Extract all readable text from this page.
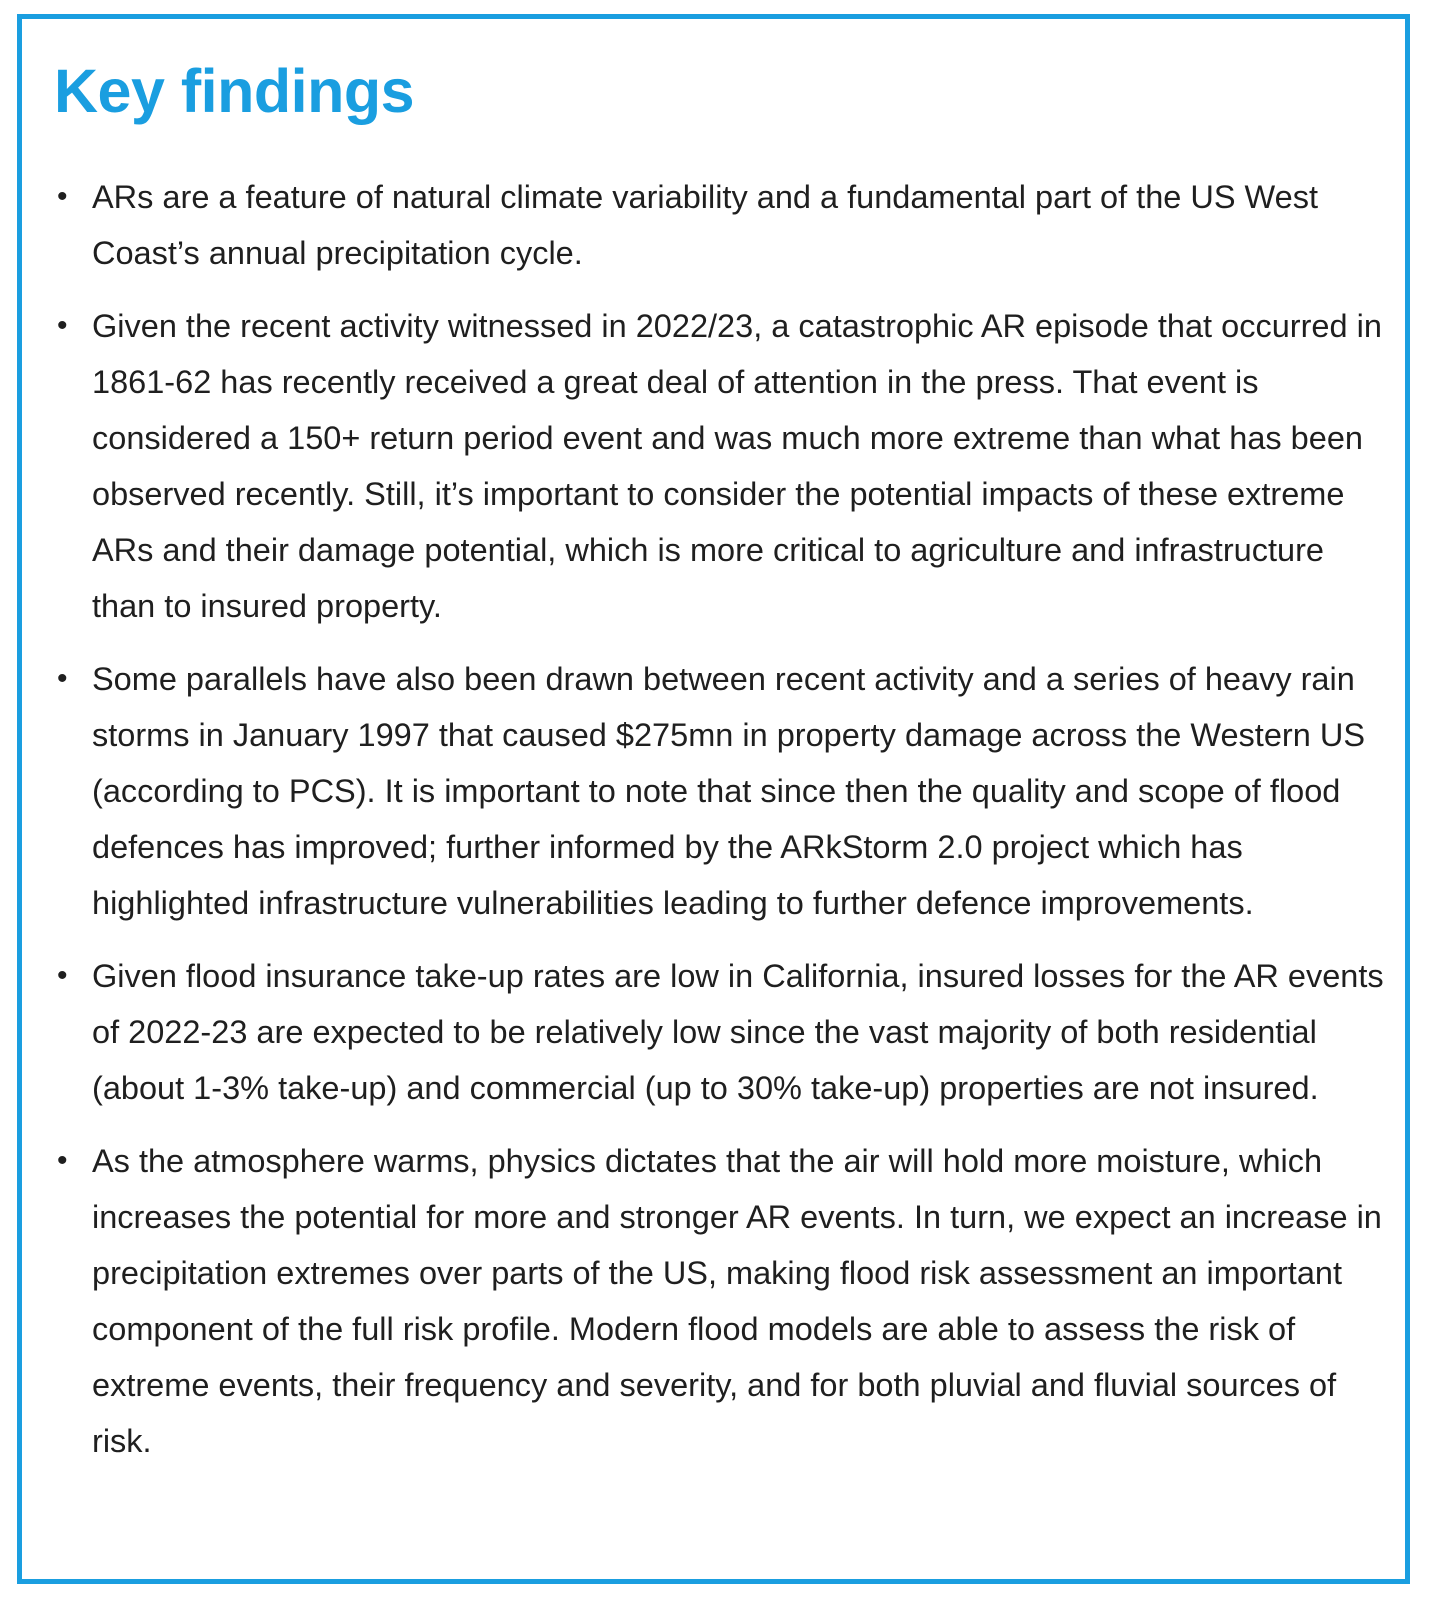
Key findings
• ARs are a feature of natural climate variability and a fundamental part of the US West Coast’s annual precipitation cycle.
• Given the recent activity witnessed in 2022/23, a catastrophic AR episode that occurred in 1861-62 has recently received a great deal of attention in the press. That event is considered a 150+ return period event and was much more extreme than what has been observed recently. Still, it’s important to consider the potential impacts of these extreme ARs and their damage potential, which is more critical to agriculture and infrastructure than to insured property.
• Some parallels have also been drawn between recent activity and a series of heavy rain storms in January 1997 that caused $275mn in property damage across the Western US (according to PCS). It is important to note that since then the quality and scope of flood defences has improved; further informed by the ARkStorm 2.0 project which has highlighted infrastructure vulnerabilities leading to further defence improvements.
• Given flood insurance take-up rates are low in California, insured losses for the AR events of 2022-23 are expected to be relatively low since the vast majority of both residential (about 1-3% take-up) and commercial (up to 30% take-up) properties are not insured.
• As the atmosphere warms, physics dictates that the air will hold more moisture, which increases the potential for more and stronger AR events. In turn, we expect an increase in precipitation extremes over parts of the US, making flood risk assessment an important component of the full risk profile. Modern flood models are able to assess the risk of extreme events, their frequency and severity, and for both pluvial and fluvial sources of risk.
